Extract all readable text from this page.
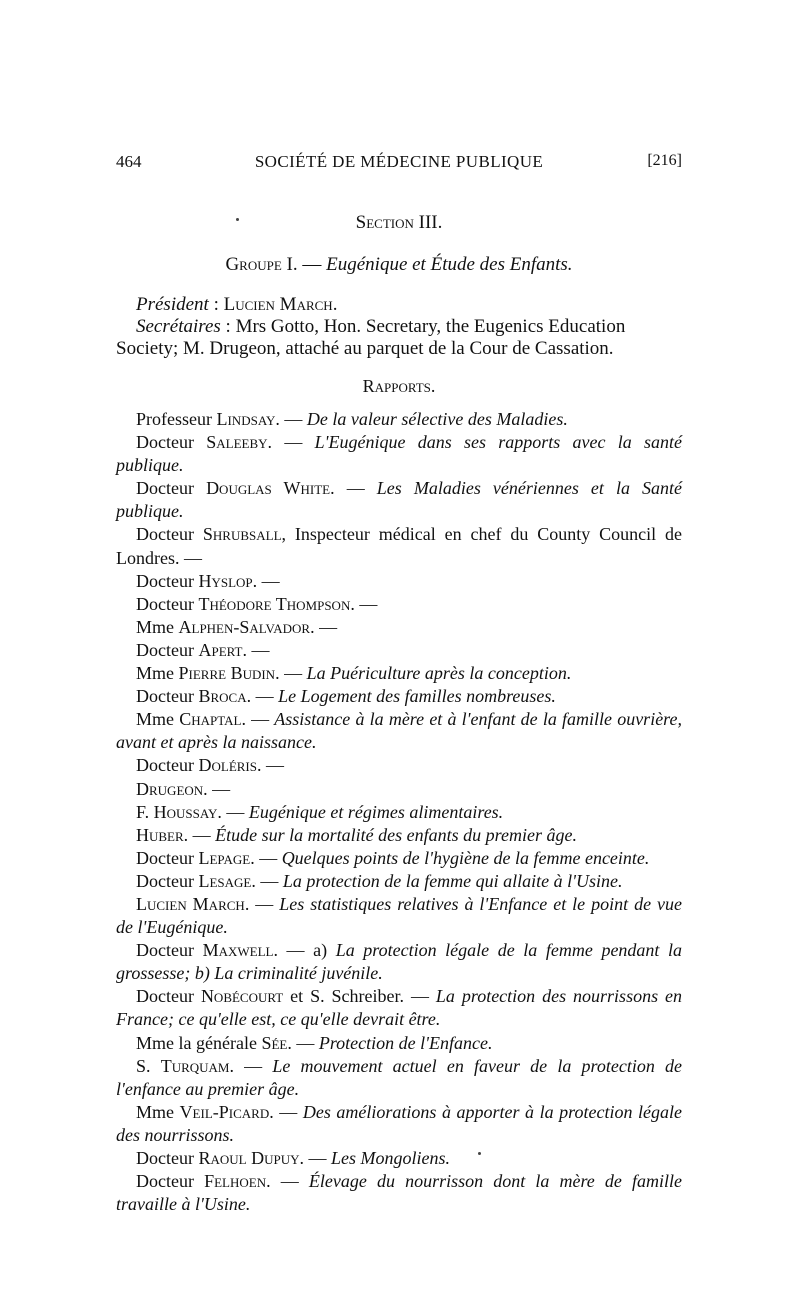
464	SOCIÉTÉ DE MÉDECINE PUBLIQUE	[216]
Section III.
Groupe I. — Eugénique et Étude des Enfants.

Président : Lucien March.

Secrétaires : Mrs Gotto, Hon. Secretary, the Eugenics Education

Society; M. Drugeon, attaché au parquet de la Cour de Cassation.

Rapports.

Professeur Lindsay. — De la valeur sélective des Maladies.

Docteur Saleeby. — L'Eugénique dans ses rapports avec la santé publique.

Docteur Douglas White. — Les Maladies vénériennes et la Santé publique.

Docteur Shrubsall, Inspecteur médical en chef du County Council de Londres. —

Docteur Hyslop. —

Docteur Théodore Thompson. —

Mme Alphen-Salvador. —

Docteur Apert. —

Mme Pierre Budin. — La Puériculture après la conception.

Docteur Broca. — Le Logement des familles nombreuses.

Mme Chaptal. — Assistance à la mère et à l'enfant de la famille ouvrière, avant et après la naissance.

Docteur Doléris. —

Drugeon. —

F. Houssay. — Eugénique et régimes alimentaires.

Huber. — Étude sur la mortalité des enfants du premier âge.

Docteur Lepage. — Quelques points de l'hygiène de la femme enceinte.

Docteur Lesage. — La protection de la femme qui allaite à l'Usine.

Lucien March. — Les statistiques relatives à l'Enfance et le point de vue de l'Eugénique.

Docteur Maxwell. — a) La protection légale de la femme pendant la grossesse; b) La criminalité juvénile.

Docteur Nobécourt et S. Schreiber. — La protection des nourrissons en France; ce qu'elle est, ce qu'elle devrait être.

Mme la générale Sée. — Protection de l'Enfance.

S. Turquam. — Le mouvement actuel en faveur de la protection de l'enfance au premier âge.

Mme Veil-Picard. — Des améliorations à apporter à la protection légale des nourrissons.

Docteur Raoul Dupuy. — Les Mongoliens.

Docteur Felhoen. — Élevage du nourrisson dont la mère de famille travaille à l'Usine.
